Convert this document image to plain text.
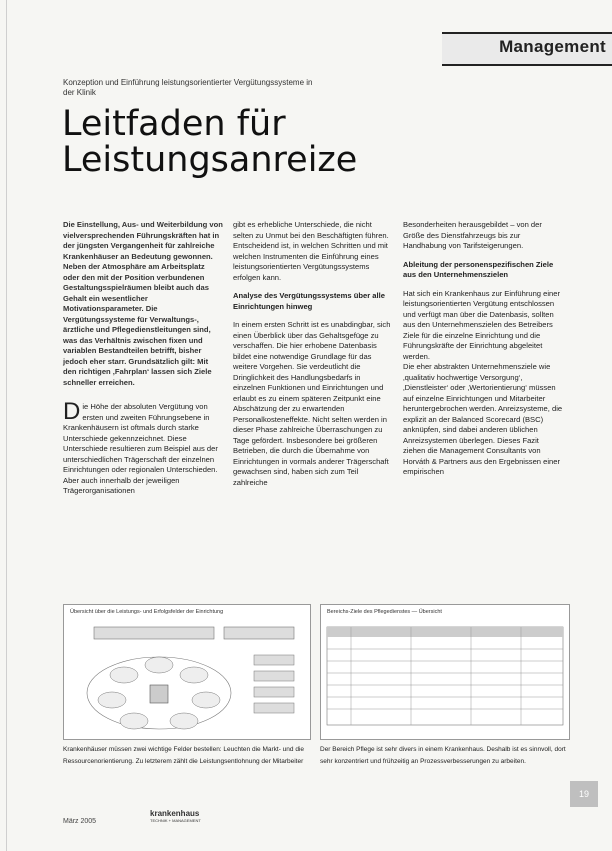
Management
Konzeption und Einführung leistungsorientierter Vergütungssysteme in der Klinik
Leitfaden für
Leistungsanreize

Die Einstellung, Aus- und Weiterbildung von vielversprechenden Führungskräften hat in der jüngsten Vergangenheit für zahlreiche Krankenhäuser an Bedeutung gewonnen. Neben der Atmosphäre am Arbeitsplatz oder den mit der Position verbundenen Gestaltungsspielräumen bleibt auch das Gehalt ein wesentlicher Motivationsparameter. Die Vergütungssysteme für Verwaltungs-, ärztliche und Pflegedienstleitungen sind, was das Verhältnis zwischen fixen und variablen Bestandteilen betrifft, bisher jedoch eher starr. Grundsätzlich gilt: Mit den richtigen ‚Fahrplan‘ lassen sich Ziele schneller erreichen.

D ie Höhe der absoluten Vergütung von ersten und zweiten Führungsebene in Krankenhäusern ist oftmals durch starke Unterschiede gekennzeichnet. Diese Unterschiede resultieren zum Beispiel aus der unterschiedlichen Trägerschaft der einzelnen Einrichtungen oder regionalen Unterschieden. Aber auch innerhalb der jeweiligen Trägerorganisationen

gibt es erhebliche Unterschiede, die nicht selten zu Unmut bei den Beschäftigten führen. Entscheidend ist, in welchen Schritten und mit welchen Instrumenten die Einführung eines leistungsorientierten Vergütungssystems erfolgen kann.

Analyse des Vergütungssystems über alle Einrichtungen hinweg

In einem ersten Schritt ist es unabdingbar, sich einen Überblick über das Gehaltsgefüge zu verschaffen. Die hier erhobene Datenbasis bildet eine notwendige Grundlage für das weitere Vorgehen. Sie verdeutlicht die Dringlichkeit des Handlungsbedarfs in einzelnen Funktionen und Einrichtungen und erlaubt es zu einem späteren Zeitpunkt eine Abschätzung der zu erwartenden Personalkosteneffekte. Nicht selten werden in dieser Phase zahlreiche Überraschungen zu Tage gefördert. Insbesondere bei größeren Betrieben, die durch die Übernahme von Einrichtungen in vormals anderer Trägerschaft gewachsen sind, haben sich zum Teil zahlreiche

Besonderheiten herausgebildet – von der Größe des Dienstfahrzeugs bis zur Handhabung von Tarifsteigerungen.

Ableitung der personenspezifischen Ziele aus den Unternehmenszielen

Hat sich ein Krankenhaus zur Einführung einer leistungsorientierten Vergütung entschlossen und verfügt man über die Datenbasis, sollten aus den Unternehmenszielen des Betreibers Ziele für die einzelne Einrichtung und die Führungskräfte der Einrichtung abgeleitet werden.

Die eher abstrakten Unternehmensziele wie ‚qualitativ hochwertige Versorgung‘, ‚Dienstleister‘ oder ‚Wertorientierung‘ müssen auf einzelne Einrichtungen und Mitarbeiter heruntergebrochen werden. Anreizsysteme, die explizit an der Balanced Scorecard (BSC) anknüpfen, sind dabei anderen üblichen Anreizsystemen überlegen. Dieses Fazit ziehen die Management Consultants von Horváth & Partners aus den Ergebnissen einer empirischen

Übersicht über die Leistungs- und Erfolgsfelder der Einrichtung	Bereichs-Ziele des Pflegedienstes — Übersicht
Krankenhäuser müssen zwei wichtige Felder bestellen: Leuchten die Markt- und die Ressourcenorientierung. Zu letzterem zählt die Leistungsentlohnung der Mitarbeiter
Der Bereich Pflege ist sehr divers in einem Krankenhaus. Deshalb ist es sinnvoll, dort sehr konzentriert und frühzeitig an Prozessverbesserungen zu arbeiten.
März 2005
krankenhaus
TECHNIK + MANAGEMENT
19
